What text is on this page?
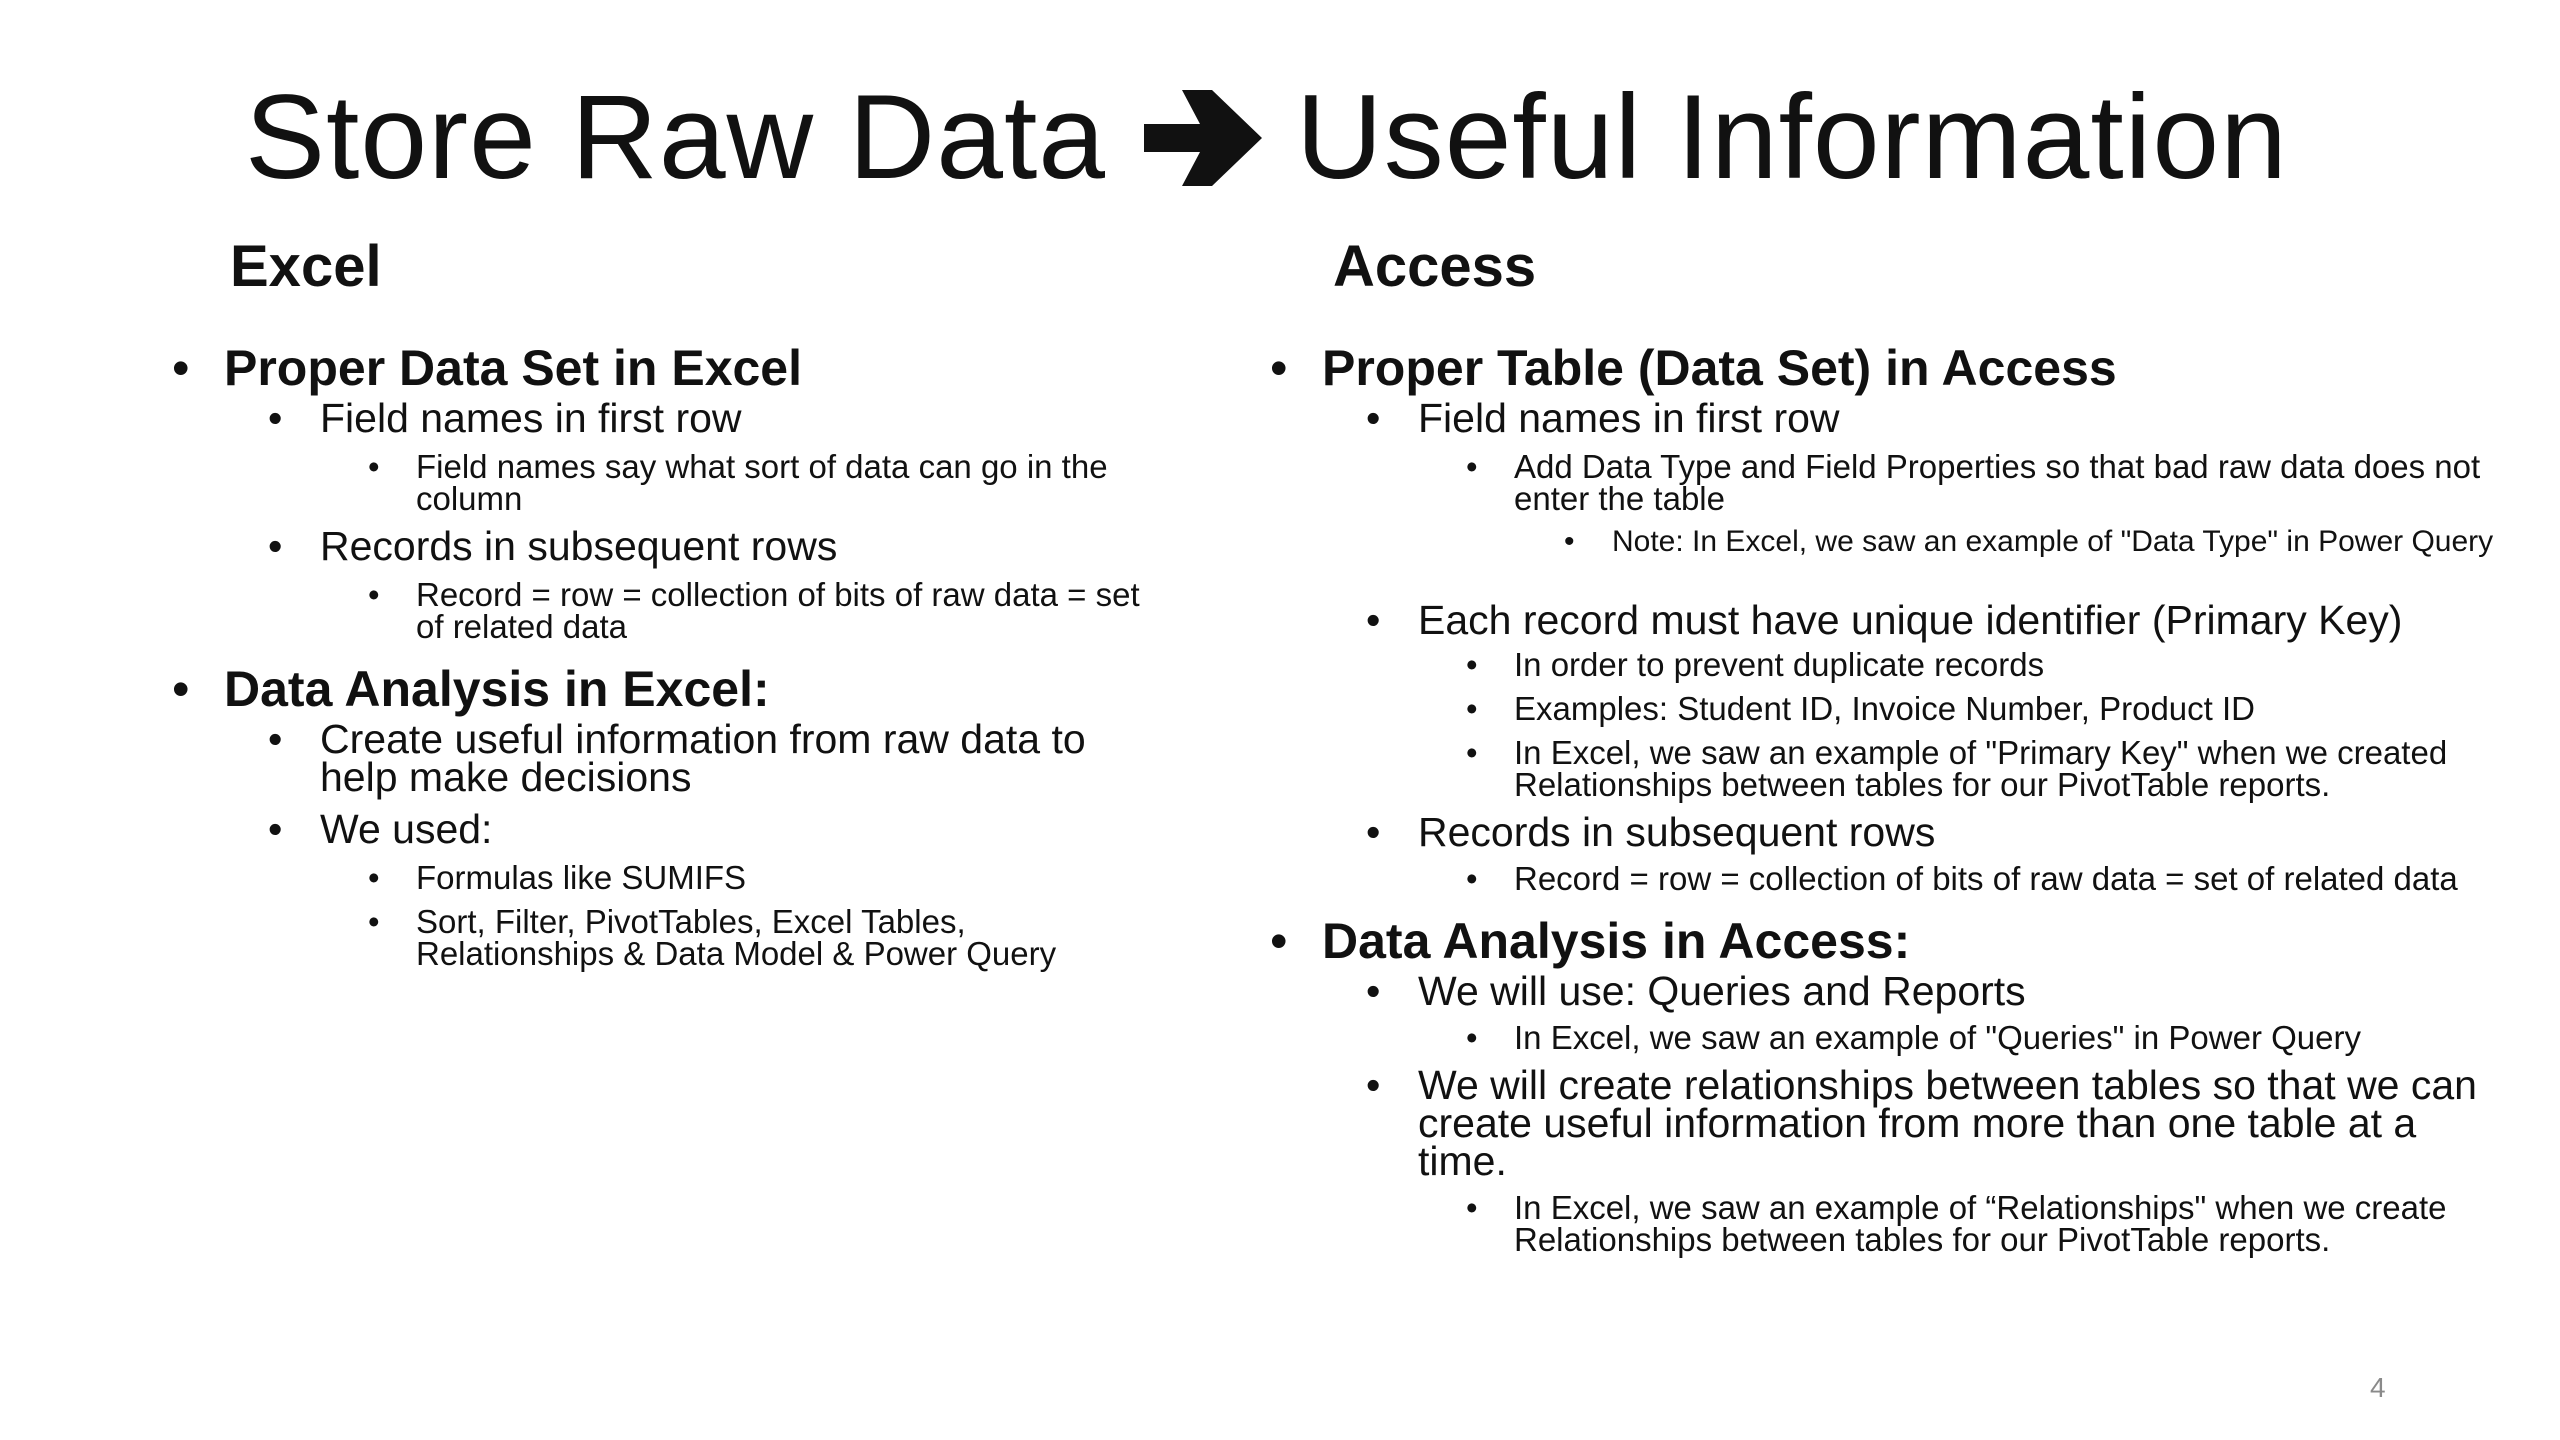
Store Raw Data Useful Information
Excel	Access
• Proper Data Set in Excel
• Field names in first row
• Field names say what sort of data can go in the column
• Records in subsequent rows
• Record = row = collection of bits of raw data = set of related data
• Data Analysis in Excel:
• Create useful information from raw data to help make decisions
• We used:
• Formulas like SUMIFS
• Sort, Filter, PivotTables, Excel Tables, Relationships & Data Model & Power Query
• Proper Table (Data Set) in Access
• Field names in first row
• Add Data Type and Field Properties so that bad raw data does not enter the table
• Note: In Excel, we saw an example of "Data Type" in Power Query
• Each record must have unique identifier (Primary Key)
• In order to prevent duplicate records
• Examples: Student ID, Invoice Number, Product ID
• In Excel, we saw an example of "Primary Key" when we created Relationships between tables for our PivotTable reports.
• Records in subsequent rows
• Record = row = collection of bits of raw data = set of related data
• Data Analysis in Access:
• We will use: Queries and Reports
• In Excel, we saw an example of "Queries" in Power Query
• We will create relationships between tables so that we can create useful information from more than one table at a time.
• In Excel, we saw an example of “Relationships" when we create Relationships between tables for our PivotTable reports.
4
